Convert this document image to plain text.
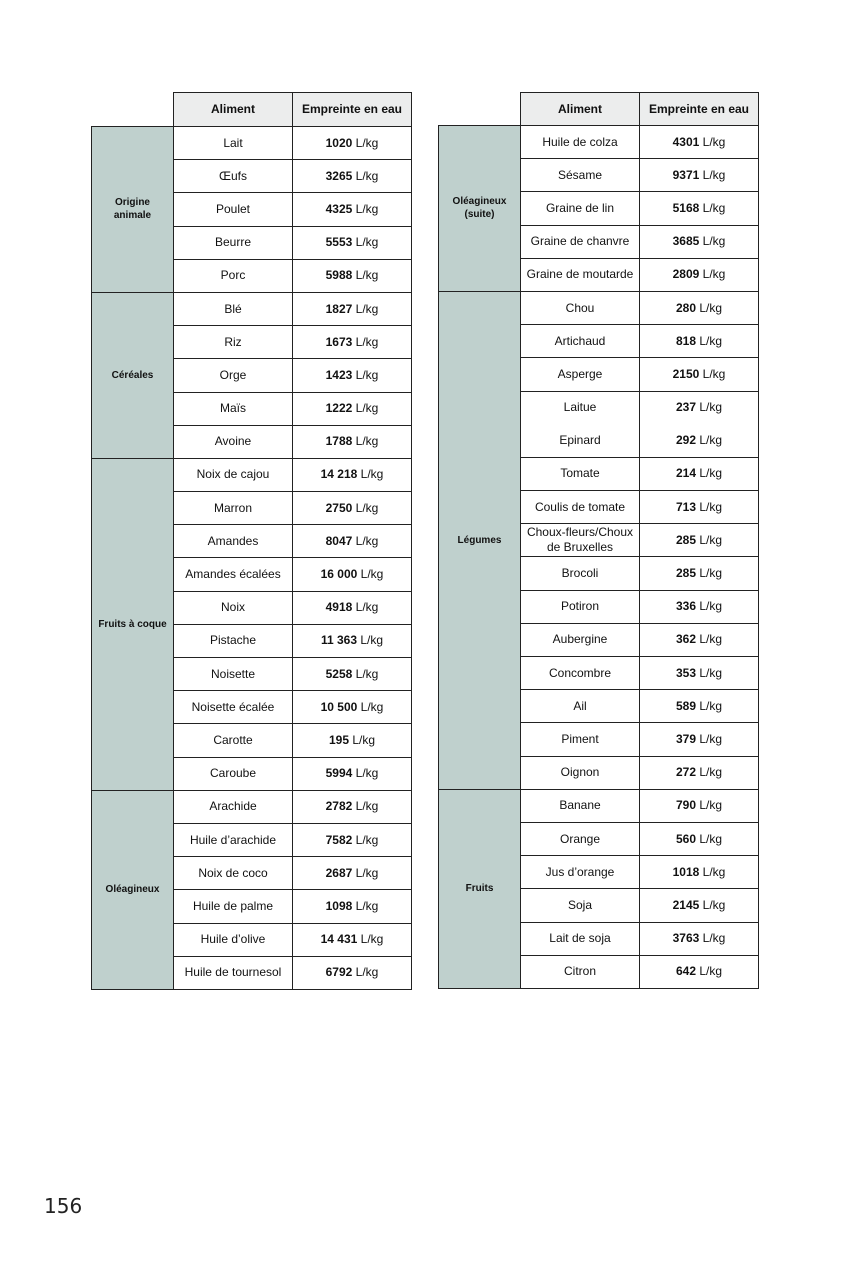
	Aliment	Empreinte en eau
Origine animale	Lait	1020 L/kg
	Œufs	3265 L/kg
	Poulet	4325 L/kg
	Beurre	5553 L/kg
	Porc	5988 L/kg
Céréales	Blé	1827 L/kg
	Riz	1673 L/kg
	Orge	1423 L/kg
	Maïs	1222 L/kg
	Avoine	1788 L/kg
Fruits à coque	Noix de cajou	14 218 L/kg
	Marron	2750 L/kg
	Amandes	8047 L/kg
	Amandes écalées	16 000 L/kg
	Noix	4918 L/kg
	Pistache	11 363 L/kg
	Noisette	5258 L/kg
	Noisette écalée	10 500 L/kg
	Carotte	195 L/kg
	Caroube	5994 L/kg
Oléagineux	Arachide	2782 L/kg
	Huile d’arachide	7582 L/kg
	Noix de coco	2687 L/kg
	Huile de palme	1098 L/kg
	Huile d’olive	14 431 L/kg
	Huile de tournesol	6792 L/kg
	Aliment	Empreinte en eau
Oléagineux (suite)	Huile de colza	4301 L/kg
	Sésame	9371 L/kg
	Graine de lin	5168 L/kg
	Graine de chanvre	3685 L/kg
	Graine de moutarde	2809 L/kg
Légumes	Chou	280 L/kg
	Artichaud	818 L/kg
	Asperge	2150 L/kg
	Laitue	237 L/kg
	Epinard	292 L/kg
	Tomate	214 L/kg
	Coulis de tomate	713 L/kg
	Choux-fleurs/Choux de Bruxelles	285 L/kg
	Brocoli	285 L/kg
	Potiron	336 L/kg
	Aubergine	362 L/kg
	Concombre	353 L/kg
	Ail	589 L/kg
	Piment	379 L/kg
	Oignon	272 L/kg
Fruits	Banane	790 L/kg
	Orange	560 L/kg
	Jus d’orange	1018 L/kg
	Soja	2145 L/kg
	Lait de soja	3763 L/kg
	Citron	642 L/kg
156
